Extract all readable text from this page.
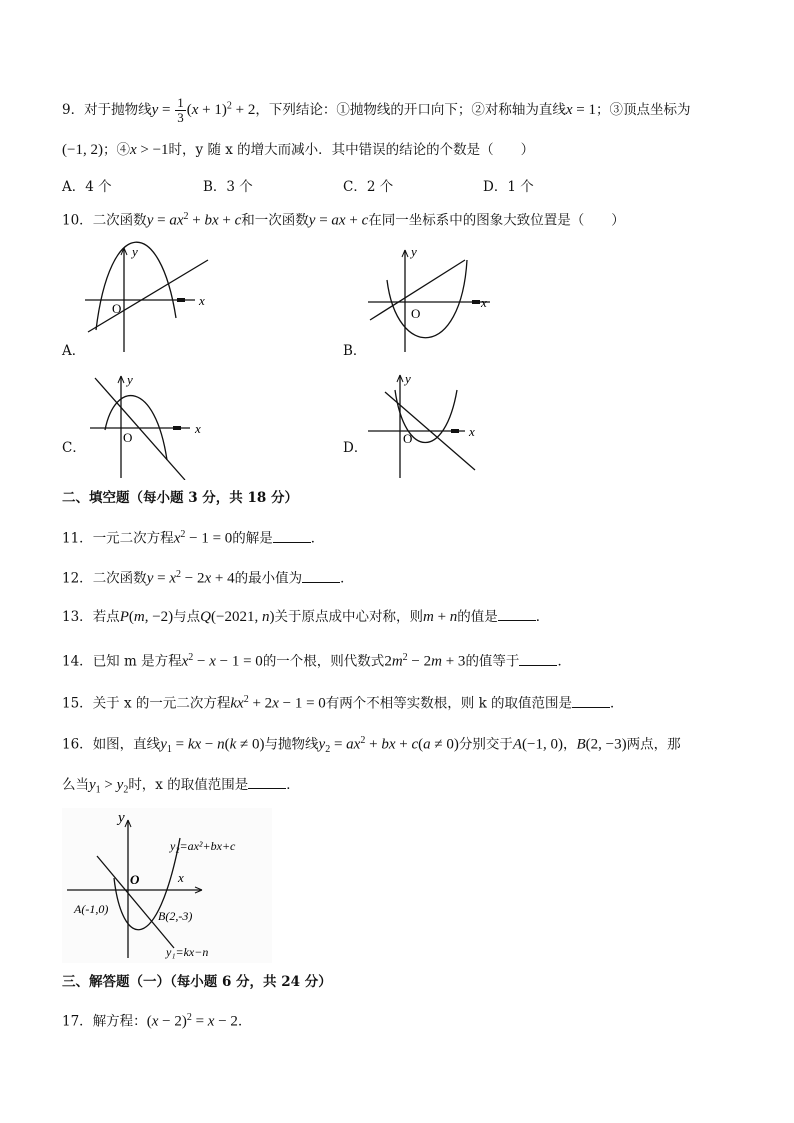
9．对于抛物线$y = \frac{1}{3} (x + 1)^2 + 2$，下列结论：①抛物线的开口向下；②对称轴为直线x = 1；③顶点坐标为
(−1, 2)；④x > −1时，y 随 x 的增大而减小．其中错误的结论的个数是（　　）
A．4 个	B．3 个	C．2 个	D．1 个
10．二次函数$y = ax^2$ + bx + c和一次函数y = ax + c在同一坐标系中的图象大致位置是（　　）
y
x
O
A．
y
x
O
B．
y
x
O
C．
y
x
O
D．
二、填空题（每小题 3 分，共 18 分）
11．一元二次方程$x^2 - 1 = 0$的解是	．
12．二次函数$y = x^2 - 2x + 4$的最小值为	．
13．若点P(m, −2)与点Q(−2021, n)关于原点成中心对称，则m + n的值是	．
14．已知 m 是方程$x^2 - x - 1 = 0$的一个根，则代数式$2m^2 - 2m + 3$的值等于	．
15．关于 x 的一元二次方程$kx^2 + 2x - 1 = 0$有两个不相等实数根，则 k 的取值范围是	．
16．如图，直线$y_1$ = kx − n(k ≠ 0)与抛物线$y_2 = ax^2$ + bx + c(a ≠ 0)分别交于A(−1, 0)，B(2, −3)两点，那
么当$y_1 > y_2$时，x 的取值范围是	．
y
x
O
y₂=ax²+bx+c
A(-1,0)	B(2,-3)
y₁=kx−n
三、解答题（一）（每小题 6 分，共 24 分）
17．解方程：$(x - 2)^2 = x - 2$．
